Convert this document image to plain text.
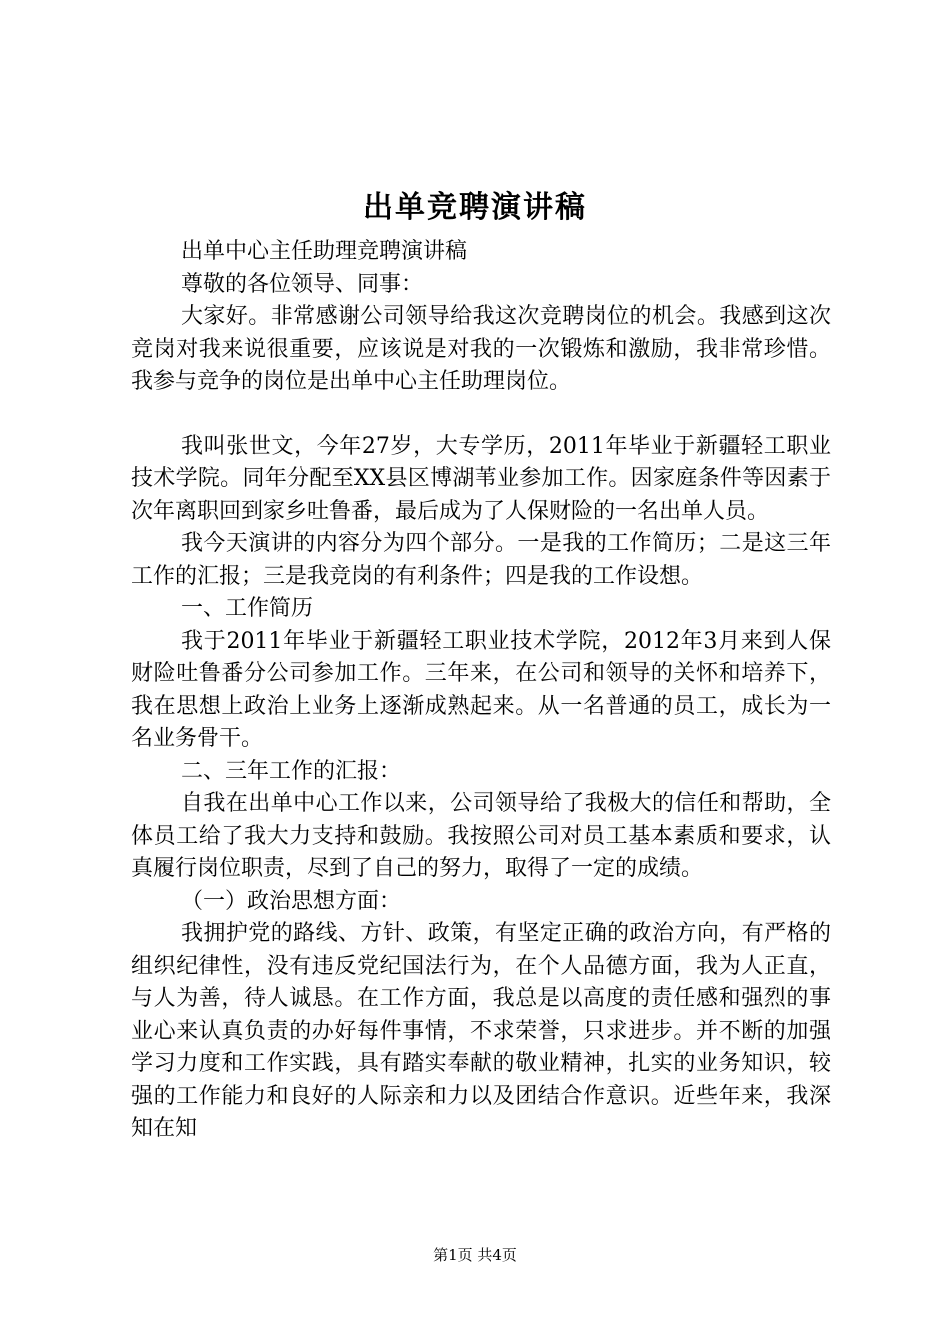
出单竞聘演讲稿

出单中心主任助理竞聘演讲稿

尊敬的各位领导、同事：

大家好。非常感谢公司领导给我这次竞聘岗位的机会。我感到这次竞岗对我来说很重要，应该说是对我的一次锻炼和激励，我非常珍惜。我参与竞争的岗位是出单中心主任助理岗位。

我叫张世文，今年27岁，大专学历，2011年毕业于新疆轻工职业技术学院。同年分配至XX县区博湖苇业参加工作。因家庭条件等因素于次年离职回到家乡吐鲁番，最后成为了人保财险的一名出单人员。

我今天演讲的内容分为四个部分。一是我的工作简历；二是这三年工作的汇报；三是我竞岗的有利条件；四是我的工作设想。

一、工作简历

我于2011年毕业于新疆轻工职业技术学院，2012年3月来到人保财险吐鲁番分公司参加工作。三年来，在公司和领导的关怀和培养下，我在思想上政治上业务上逐渐成熟起来。从一名普通的员工，成长为一名业务骨干。

二、三年工作的汇报：

自我在出单中心工作以来，公司领导给了我极大的信任和帮助，全体员工给了我大力支持和鼓励。我按照公司对员工基本素质和要求，认真履行岗位职责，尽到了自己的努力，取得了一定的成绩。

（一）政治思想方面：

我拥护党的路线、方针、政策，有坚定正确的政治方向，有严格的组织纪律性，没有违反党纪国法行为，在个人品德方面，我为人正直，与人为善，待人诚恳。在工作方面，我总是以高度的责任感和强烈的事业心来认真负责的办好每件事情，不求荣誉，只求进步。并不断的加强学习力度和工作实践，具有踏实奉献的敬业精神，扎实的业务知识，较强的工作能力和良好的人际亲和力以及团结合作意识。近些年来，我深知在知

第1页 共4页
